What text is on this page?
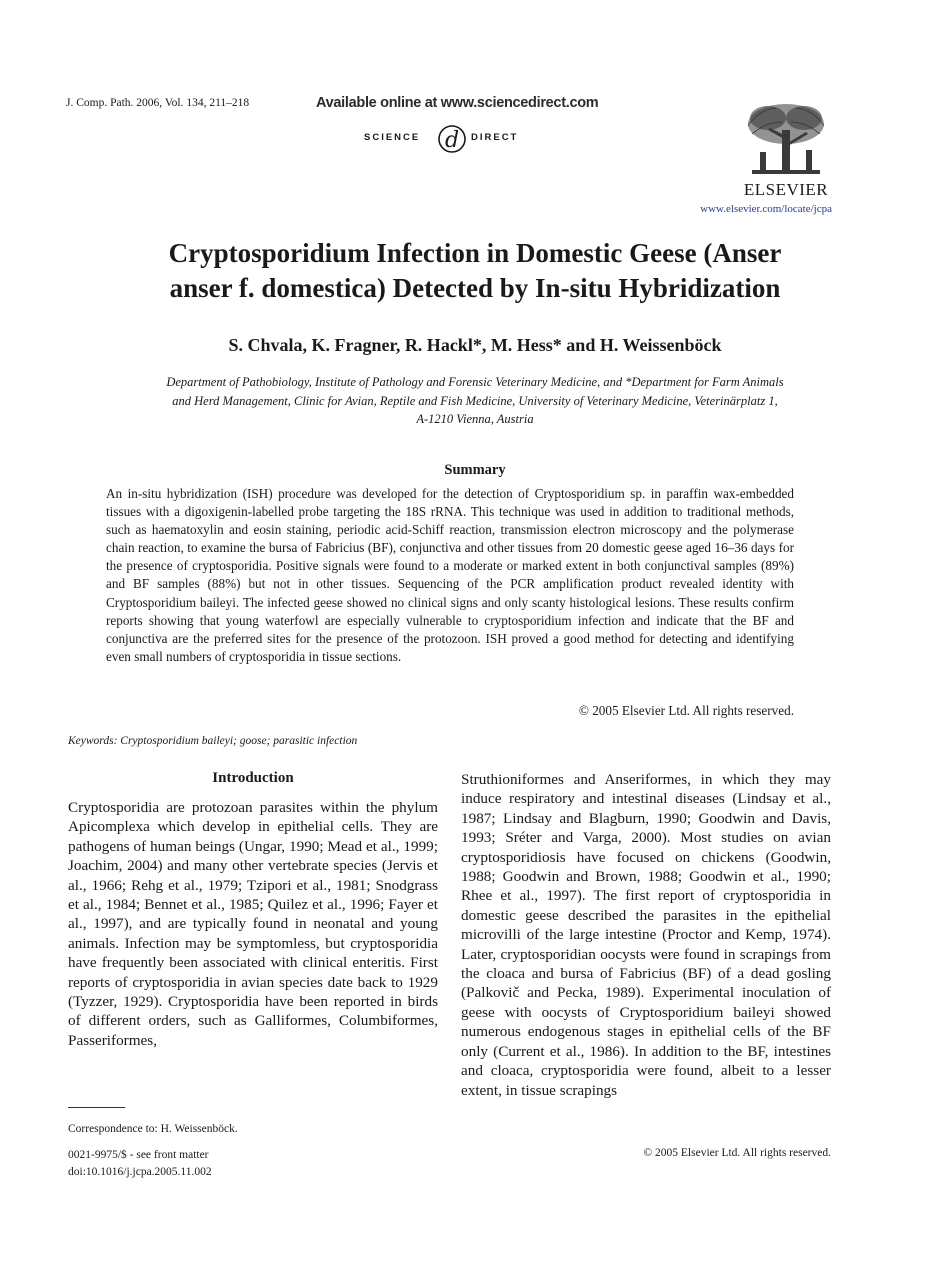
J. Comp. Path. 2006, Vol. 134, 211–218	Available online at www.sciencedirect.com
SCIENCE d DIRECT
ELSEVIER
www.elsevier.com/locate/jcpa
Cryptosporidium Infection in Domestic Geese (Anser
anser f. domestica) Detected by In-situ Hybridization
S. Chvala, K. Fragner, R. Hackl*, M. Hess* and H. Weissenböck
Department of Pathobiology, Institute of Pathology and Forensic Veterinary Medicine, and *Department for Farm Animals
and Herd Management, Clinic for Avian, Reptile and Fish Medicine, University of Veterinary Medicine, Veterinärplatz 1,
A-1210 Vienna, Austria
Summary

An in-situ hybridization (ISH) procedure was developed for the detection of Cryptosporidium sp. in paraffin wax-embedded tissues with a digoxigenin-labelled probe targeting the 18S rRNA. This technique was used in addition to traditional methods, such as haematoxylin and eosin staining, periodic acid-Schiff reaction, transmission electron microscopy and the polymerase chain reaction, to examine the bursa of Fabricius (BF), conjunctiva and other tissues from 20 domestic geese aged 16–36 days for the presence of cryptosporidia. Positive signals were found to a moderate or marked extent in both conjunctival samples (89%) and BF samples (88%) but not in other tissues. Sequencing of the PCR amplification product revealed identity with Cryptosporidium baileyi. The infected geese showed no clinical signs and only scanty histological lesions. These results confirm reports showing that young waterfowl are especially vulnerable to cryptosporidium infection and indicate that the BF and conjunctiva are the preferred sites for the presence of the protozoon. ISH proved a good method for detecting and identifying even small numbers of cryptosporidia in tissue sections.

© 2005 Elsevier Ltd. All rights reserved.
Keywords: Cryptosporidium baileyi; goose; parasitic infection
Introduction

Cryptosporidia are protozoan parasites within the phylum Apicomplexa which develop in epithelial cells. They are pathogens of human beings (Ungar, 1990; Mead et al., 1999; Joachim, 2004) and many other vertebrate species (Jervis et al., 1966; Rehg et al., 1979; Tzipori et al., 1981; Snodgrass et al., 1984; Bennet et al., 1985; Quilez et al., 1996; Fayer et al., 1997), and are typically found in neonatal and young animals. Infection may be symptomless, but cryptosporidia have frequently been associated with clinical enteritis. First reports of cryptosporidia in avian species date back to 1929 (Tyzzer, 1929). Cryptosporidia have been reported in birds of different orders, such as Galliformes, Columbiformes, Passeriformes,

Struthioniformes and Anseriformes, in which they may induce respiratory and intestinal diseases (Lindsay et al., 1987; Lindsay and Blagburn, 1990; Goodwin and Davis, 1993; Sréter and Varga, 2000). Most studies on avian cryptosporidiosis have focused on chickens (Goodwin, 1988; Goodwin and Brown, 1988; Goodwin et al., 1990; Rhee et al., 1997). The first report of cryptosporidia in domestic geese described the parasites in the epithelial microvilli of the large intestine (Proctor and Kemp, 1974). Later, cryptosporidian oocysts were found in scrapings from the cloaca and bursa of Fabricius (BF) of a dead gosling (Palkovič and Pecka, 1989). Experimental inoculation of geese with oocysts of Cryptosporidium baileyi showed numerous endogenous stages in epithelial cells of the BF only (Current et al., 1986). In addition to the BF, intestines and cloaca, cryptosporidia were found, albeit to a lesser extent, in tissue scrapings

Correspondence to: H. Weissenböck.
0021-9975/$ - see front matter
doi:10.1016/j.jcpa.2005.11.002
© 2005 Elsevier Ltd. All rights reserved.
